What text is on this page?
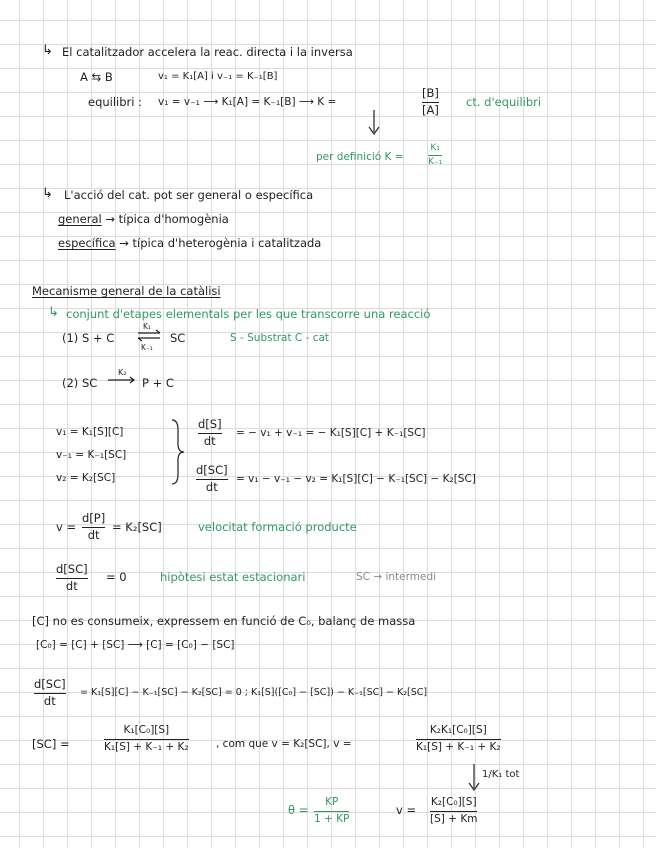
↳ El catalitzador accelera la reac. directa i la inversa
A ⇆ B	v₁ = K₁[A] i v₋₁ = K₋₁[B]
equilibri : v₁ = v₋₁ ⟶ K₁[A] = K₋₁[B] ⟶ K =
[B]
[A]
ct. d'equilibri
per definició K =
K₁
K₋₁
↳ L'acció del cat. pot ser general o específica
general → típica d'homogènia
específica → típica d'heterogènia i catalitzada
Mecanisme general de la catàlisi
↳ conjunt d'etapes elementals per les que transcorre una reacció
(1) S + C
K₁
K₋₁
SC	S - Substrat C - cat
(2) SC
K₂
P + C
v₁ = K₁[S][C]
v₋₁ = K₋₁[SC]
v₂ = K₂[SC]
d[S]
dt
= − v₁ + v₋₁ = − K₁[S][C] + K₋₁[SC]
d[SC]
dt
= v₁ − v₋₁ − v₂ = K₁[S][C] − K₋₁[SC] − K₂[SC]
v =
d[P]
dt
= K₂[SC]	velocitat formació producte
d[SC]
dt
= 0	hipòtesi estat estacionari	SC → intermedi
[C] no es consumeix, expressem en funció de C₀, balanç de massa
[C₀] = [C] + [SC] ⟶ [C] = [C₀] − [SC]
d[SC]
dt
= K₁[S][C] − K₋₁[SC] − K₂[SC] = 0 ; K₁[S]([C₀] − [SC]) − K₋₁[SC] − K₂[SC]
[SC] =
K₁[C₀][S]
K₁[S] + K₋₁ + K₂	, com que v = K₂[SC], v =
K₂K₁[C₀][S]
K₁[S] + K₋₁ + K₂
1/K₁ tot
θ =
KP
1 + KP
v =
K₂[C₀][S]
[S] + Km
